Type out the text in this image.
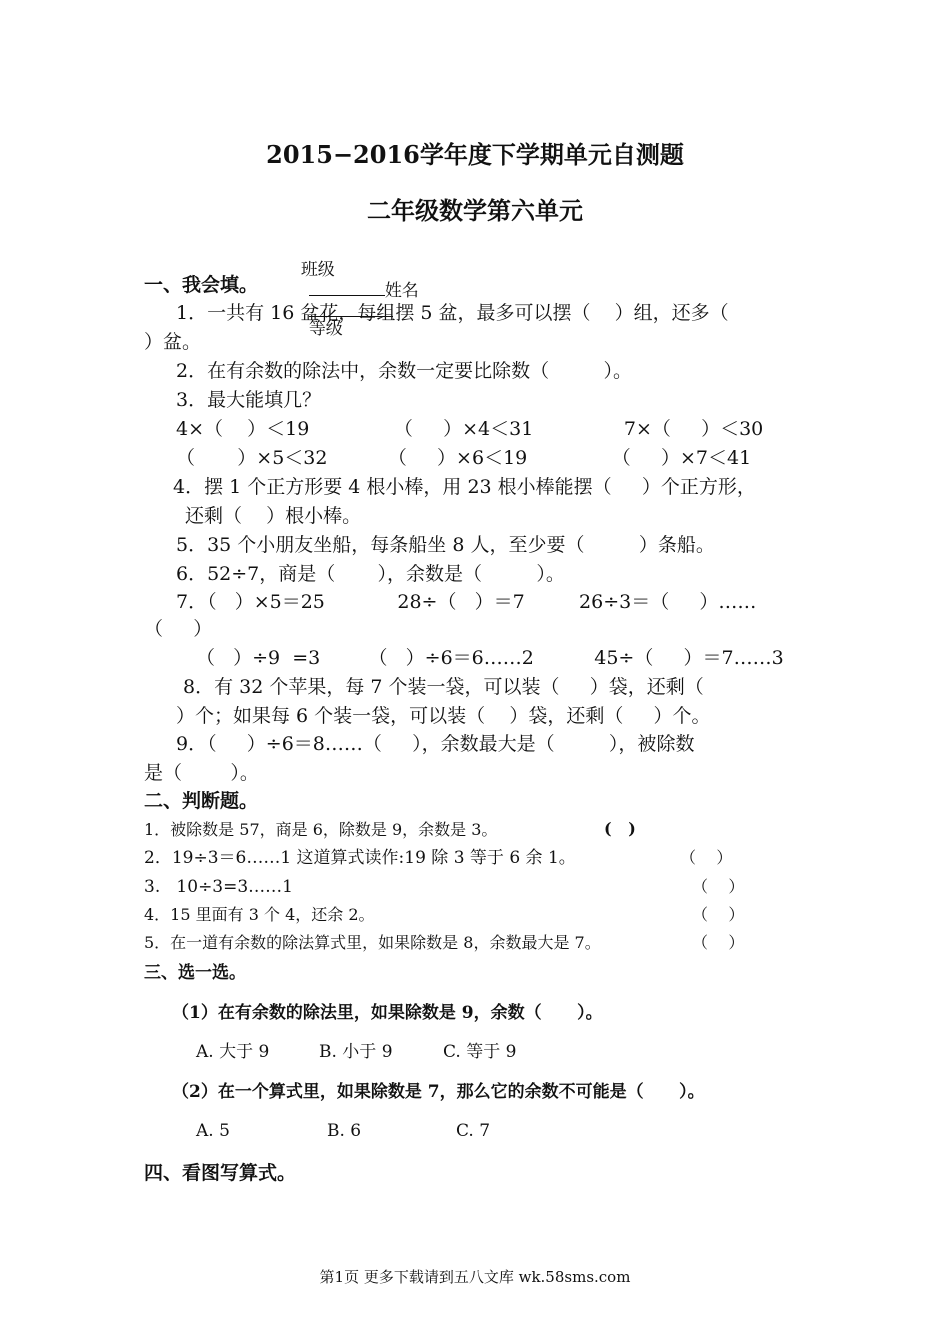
2015−2016学年度下学期单元自测题
二年级数学第六单元

班级
姓名

等级

一、我会填。
1．一共有 16 盆花，每组摆 5 盆，最多可以摆（    ）组，还多（
）盆。
2．在有余数的除法中，余数一定要比除数（         ）。
3．最大能填几？
4×（    ）＜19              （     ）×4＜31               7×（     ）＜30
（       ）×5＜32          （     ）×6＜19              （     ）×7＜41
4．摆 1 个正方形要 4 根小棒，用 23 根小棒能摆（     ）个正方形，
还剩（    ）根小棒。
5．35 个小朋友坐船，每条船坐 8 人，至少要（         ）条船。
6．52÷7，商是（       ），余数是（         ）。
7．（   ）×5＝25            28÷（   ）＝7         26÷3＝（     ）……
（     ）
（   ）÷9  =3        （   ）÷6＝6……2          45÷（     ）＝7……3
8．有 32 个苹果，每 7 个装一袋，可以装（     ）袋，还剩（
）个；如果每 6 个装一袋，可以装（    ）袋，还剩（     ）个。
9．（     ）÷6＝8……（     ），余数最大是（         ），被除数
是（        ）。
二、判断题。
1．被除数是 57，商是 6，除数是 9，余数是 3。	(   )
2．19÷3＝6……1 这道算式读作:19 除 3 等于 6 余 1。	（    ）
3.   10÷3=3……1	（    ）
4．15 里面有 3 个 4，还余 2。	（    ）
5．在一道有余数的除法算式里，如果除数是 8，余数最大是 7。	（    ）
三、选一选。
（1）在有余数的除法里，如果除数是 9，余数（      ）。
A. 大于 9	B. 小于 9	C. 等于 9
（2）在一个算式里，如果除数是 7，那么它的余数不可能是（      ）。
A. 5	B. 6	C. 7
四、看图写算式。
第1页 更多下载请到五八文库 wk.58sms.com
